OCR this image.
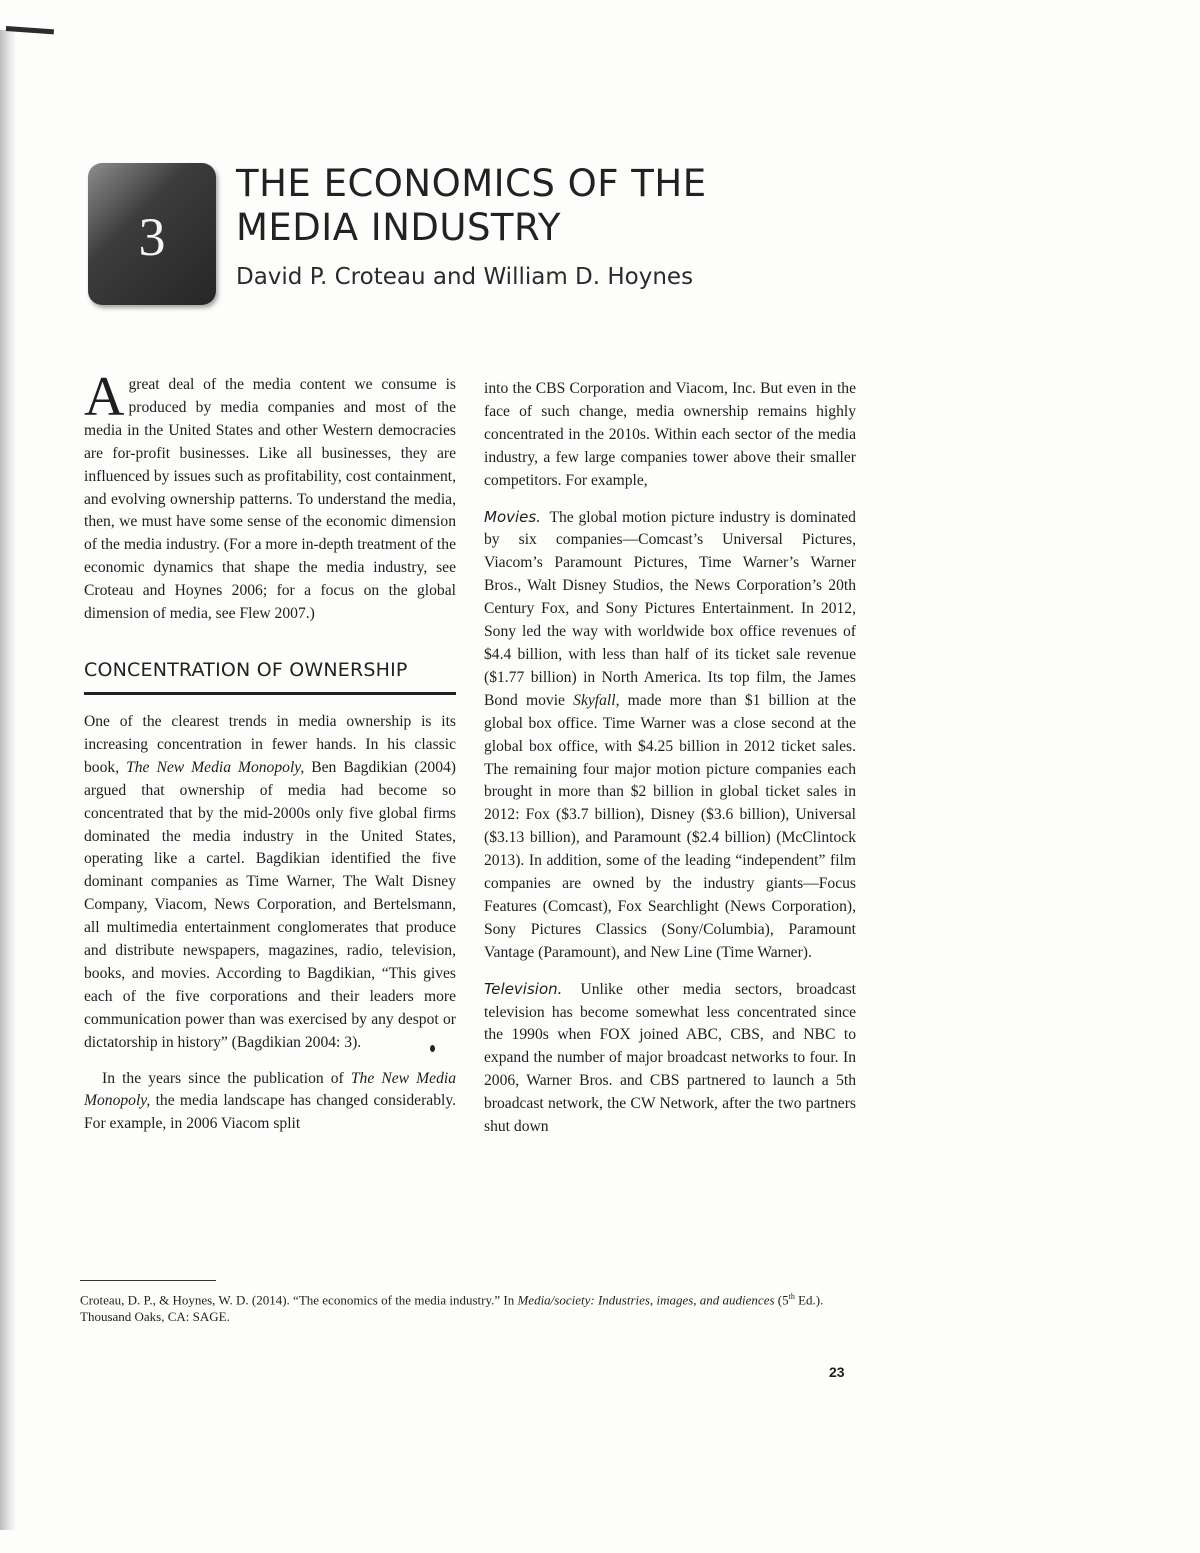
3
THE ECONOMICS OF THE
MEDIA INDUSTRY

David P. Croteau and William D. Hoynes

Agreat deal of the media content we consume is produced by media companies and most of the media in the United States and other Western democracies are for-profit businesses. Like all businesses, they are influenced by issues such as profitability, cost containment, and evolving ownership patterns. To understand the media, then, we must have some sense of the economic dimension of the media industry. (For a more in-depth treatment of the economic dynamics that shape the media industry, see Croteau and Hoynes 2006; for a focus on the global dimension of media, see Flew 2007.)

CONCENTRATION OF OWNERSHIP

One of the clearest trends in media ownership is its increasing concentration in fewer hands. In his classic book, The New Media Monopoly, Ben Bagdikian (2004) argued that ownership of media had become so concentrated that by the mid-2000s only five global firms dominated the media industry in the United States, operating like a cartel. Bagdikian identified the five dominant companies as Time Warner, The Walt Disney Company, Viacom, News Corporation, and Bertelsmann, all multimedia entertainment conglomerates that produce and distribute newspapers, magazines, radio, television, books, and movies. According to Bagdikian, “This gives each of the five corporations and their leaders more communication power than was exercised by any despot or dictatorship in history” (Bagdikian 2004: 3).

In the years since the publication of The New Media Monopoly, the media landscape has changed considerably. For example, in 2006 Viacom split

into the CBS Corporation and Viacom, Inc. But even in the face of such change, media ownership remains highly concentrated in the 2010s. Within each sector of the media industry, a few large companies tower above their smaller competitors. For example,

Movies. The global motion picture industry is dominated by six companies—Comcast’s Universal Pictures, Viacom’s Paramount Pictures, Time Warner’s Warner Bros., Walt Disney Studios, the News Corporation’s 20th Century Fox, and Sony Pictures Entertainment. In 2012, Sony led the way with worldwide box office revenues of $4.4 billion, with less than half of its ticket sale revenue ($1.77 billion) in North America. Its top film, the James Bond movie Skyfall, made more than $1 billion at the global box office. Time Warner was a close second at the global box office, with $4.25 billion in 2012 ticket sales. The remaining four major motion picture companies each brought in more than $2 billion in global ticket sales in 2012: Fox ($3.7 billion), Disney ($3.6 billion), Universal ($3.13 billion), and Paramount ($2.4 billion) (McClintock 2013). In addition, some of the leading “independent” film companies are owned by the industry giants—Focus Features (Comcast), Fox Searchlight (News Corporation), Sony Pictures Classics (Sony/Columbia), Paramount Vantage (Paramount), and New Line (Time Warner).

Television. Unlike other media sectors, broadcast television has become somewhat less concentrated since the 1990s when FOX joined ABC, CBS, and NBC to expand the number of major broadcast networks to four. In 2006, Warner Bros. and CBS partnered to launch a 5th broadcast network, the CW Network, after the two partners shut down

Croteau, D. P., & Hoynes, W. D. (2014). “The economics of the media industry.” In Media/society: Industries, images, and audiences (5th Ed.). Thousand Oaks, CA: SAGE.

23
